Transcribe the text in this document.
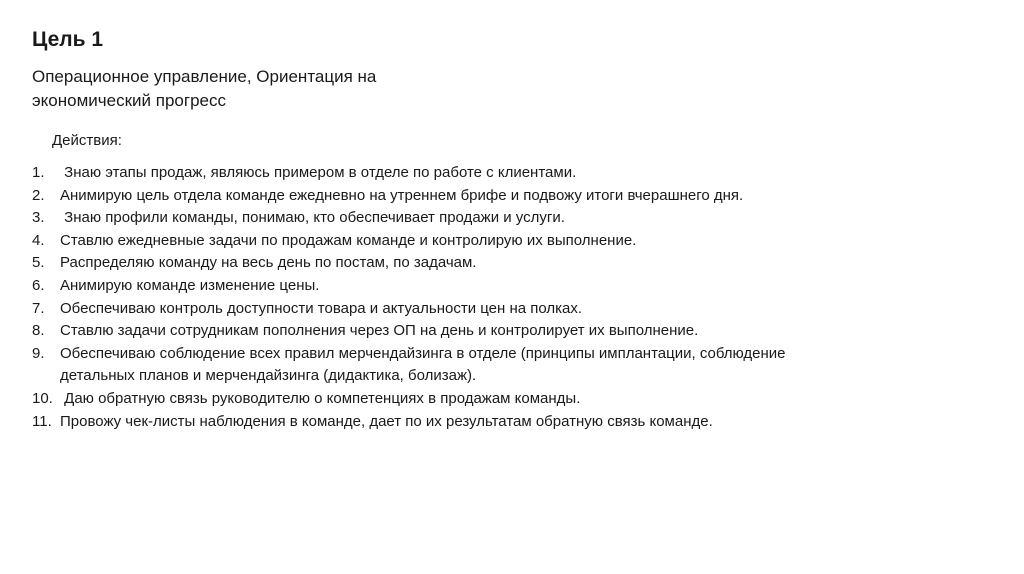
Цель 1

Операционное управление, Ориентация на экономический прогресс

Действия:

1.	Знаю этапы продаж, являюсь примером в отделе по работе с клиентами.
2.	Анимирую цель отдела команде ежедневно на утреннем брифе и подвожу итоги вчерашнего дня.
3.	Знаю профили команды, понимаю, кто обеспечивает продажи и услуги.
4.	Ставлю ежедневные задачи по продажам команде и контролирую их выполнение.
5.	Распределяю команду на весь день по постам, по задачам.
6.	Анимирую команде изменение цены.
7.	Обеспечиваю контроль доступности товара и актуальности цен на полках.
8.	Ставлю задачи сотрудникам пополнения через ОП на день и контролирует их выполнение.
9.	Обеспечиваю соблюдение всех правил мерчендайзинга в отделе (принципы имплантации, соблюдение детальных планов и мерчендайзинга (дидактика, болизаж).
10. Даю обратную связь руководителю о компетенциях в продажам команды.
11. Провожу чек-листы наблюдения в команде, дает по их результатам обратную связь команде.
